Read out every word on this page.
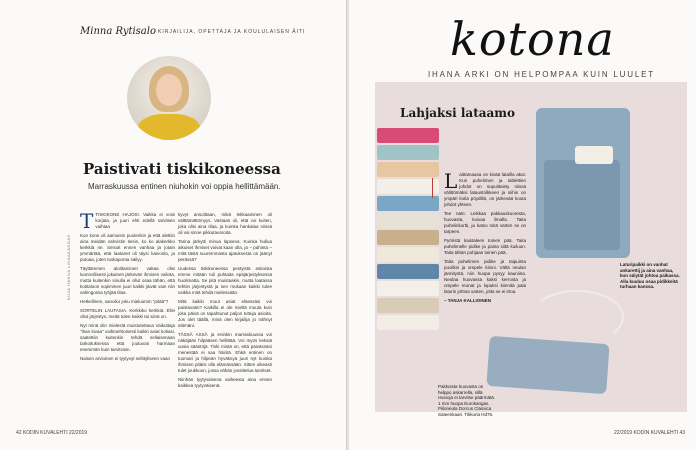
Minna Rytisalo KIRJAILIJA, OPETTAJA JA KOULULAISEN ÄITI
Paistivati tiskikoneessa
Marraskuussa entinen niuhokin voi oppia hellittämään.
KUVA HANNA LINNAKANGAS
T TISKIKONE HAJOSI. Vaikka ei voisi korjata, ja juuri ehti edellä tarvitsen vaihtaa

Kun kone oli aamuisin puolenkin ja että alettiin aina meidän vahvistin tiesin, ko ko alakerkko kerkkiä ne. Seisoit ennen vanhaa ja jotain ymmärtää, että laatanet oli täysi kaivonla, ja putoaa, joten tuskaponta säilyy.

Täyttämmen aloittaminen vakaa olisi luonnollisesti jokainen järkevän ihmisen valinta, mutta kuitenkin sinulla ei ollut osaa tähän, että kotitaloon sopiminen juuri kaikki jäivät vain niin vahingossa tyhjää tilaa.

Hetkellinen, sanoiko joku mieluumin "pitää"?

SORTELIN LAUTASIA. Kerkkiko kerkkiä. Ellei ollut järjestys, meitä tulee kaikki tai siinä on.

Nyt minä olin mielestä muistutettava Vaikuttaja "ihan kivaa" vaihtoehtoisesti kaikki asiat kotiasi, saatettiin kuitenkin tehdä sellaisenaan tarkoituksessa että joutuvan harmaan enemmän kuin tarvitsisin.

Naisen arvioinen ei tyytyvyt selittyliseen vaan

kyvyt ansoittaan, mikä lekkaaminen oli välttämättömyys. Vastaan oli, että voi kuiten, joka olisi aina tilaa, ja kuinka hankalaa niissä oli vai sinne pikkutavaroita.

Tarina järkytti minua lapsena. Kuinka hullua aikuiset ihmiset voivat kaan olla, ja – pahinta – mitä tästä suuremmasta ajatuksesta on jäänyt perässä?

Uudessa tiskikoneessa pestyistä astioista emme mitään tuli puhtaita epäjärjestyksessä huolimatta. Se pitä muistaakin, mutta laatassa tehtiin järjestystä ja sen mukaan kaikki tulee vaikka mitä tehdä mielessään.

Mitä kaikki muut asiat eläessäsi voi paistavatin? Kaikilla ei ole mieltä muuta kuin joka päivä on tapahtunut paljon tuttuja asioita. Jos olet täällä, minä olen kirjailija jo nähnyt elämäni.

TÄSSÄ ASSÄ ja eninkin marraskuussa voi näkäjään hilpääsen hellittää. Voi myös keksiä uusia sääntöjä. Tiski mistä on, että päivässäni menestää ei saa häiritä. Ehkä entinen on tuomari ja hilpeän hyväksyä juuri nyt kuinka ihmisen pitäisi olla elämässään. Sitten oikeasti tulet joukkoon, jossa vähän jossittelua tarvitset.

Niinhän tyytyvaisena vaiheesta aina ennen kaikkea tyytyväisenä.

42 KODIN KUVALEHTI 22/2019
kotona
IHANA ARKI ON HELPOMPAA KUIN LUULET
Lahjaksi lataamo
L aittamaasa on kivää latailla akut. Kun puhelimen ja tablettien johdot on supuittaisty niissä välittömäksi lataustolkkeen ja niihin on ympäri kotia pöydillä, on järkevää koota johdot yhteen.

Tee näin: Leikkaa pakkauskuoresta, huovasta, kuivaa ilmalla. Taita puhelinkortti, ja katso mitä varten se on tarpeen.

Pyöristä kaistaleen toinen pää. Taita puhelimelle pidike ja paina siitä kuiluun. Taita tähän pohjaan toinen pää.

Taita puhelimen pidike ja taipuinta puoliksi ja ompele kiinni. Vältä neulan jännitystä, niin huopa pysyy kauniina. Neulaa huovassa kaksi kerrosta ja ompele reunat ja lopuksi kiinnitä pala laturin johtoa varten, jotta se ei irtoa.

– TANJA KALLIOINEN

Laturipaikki on vanhat ankarettij ja aina vanhaa, kun säiytät johtoa paikassa. Alla kuuluu osaa pidikkeitä turhaan kanssa.
Pakkuista huovasta on helppo askarrella, sillä reunoja ei tarvitse päärmätä. 1 mm huopa Eurokangas. Piiloneula Dorcus Classica Sateenkaari. Tikkuria Hd76.
22/2019 KODIN KUVALEHTI 43
